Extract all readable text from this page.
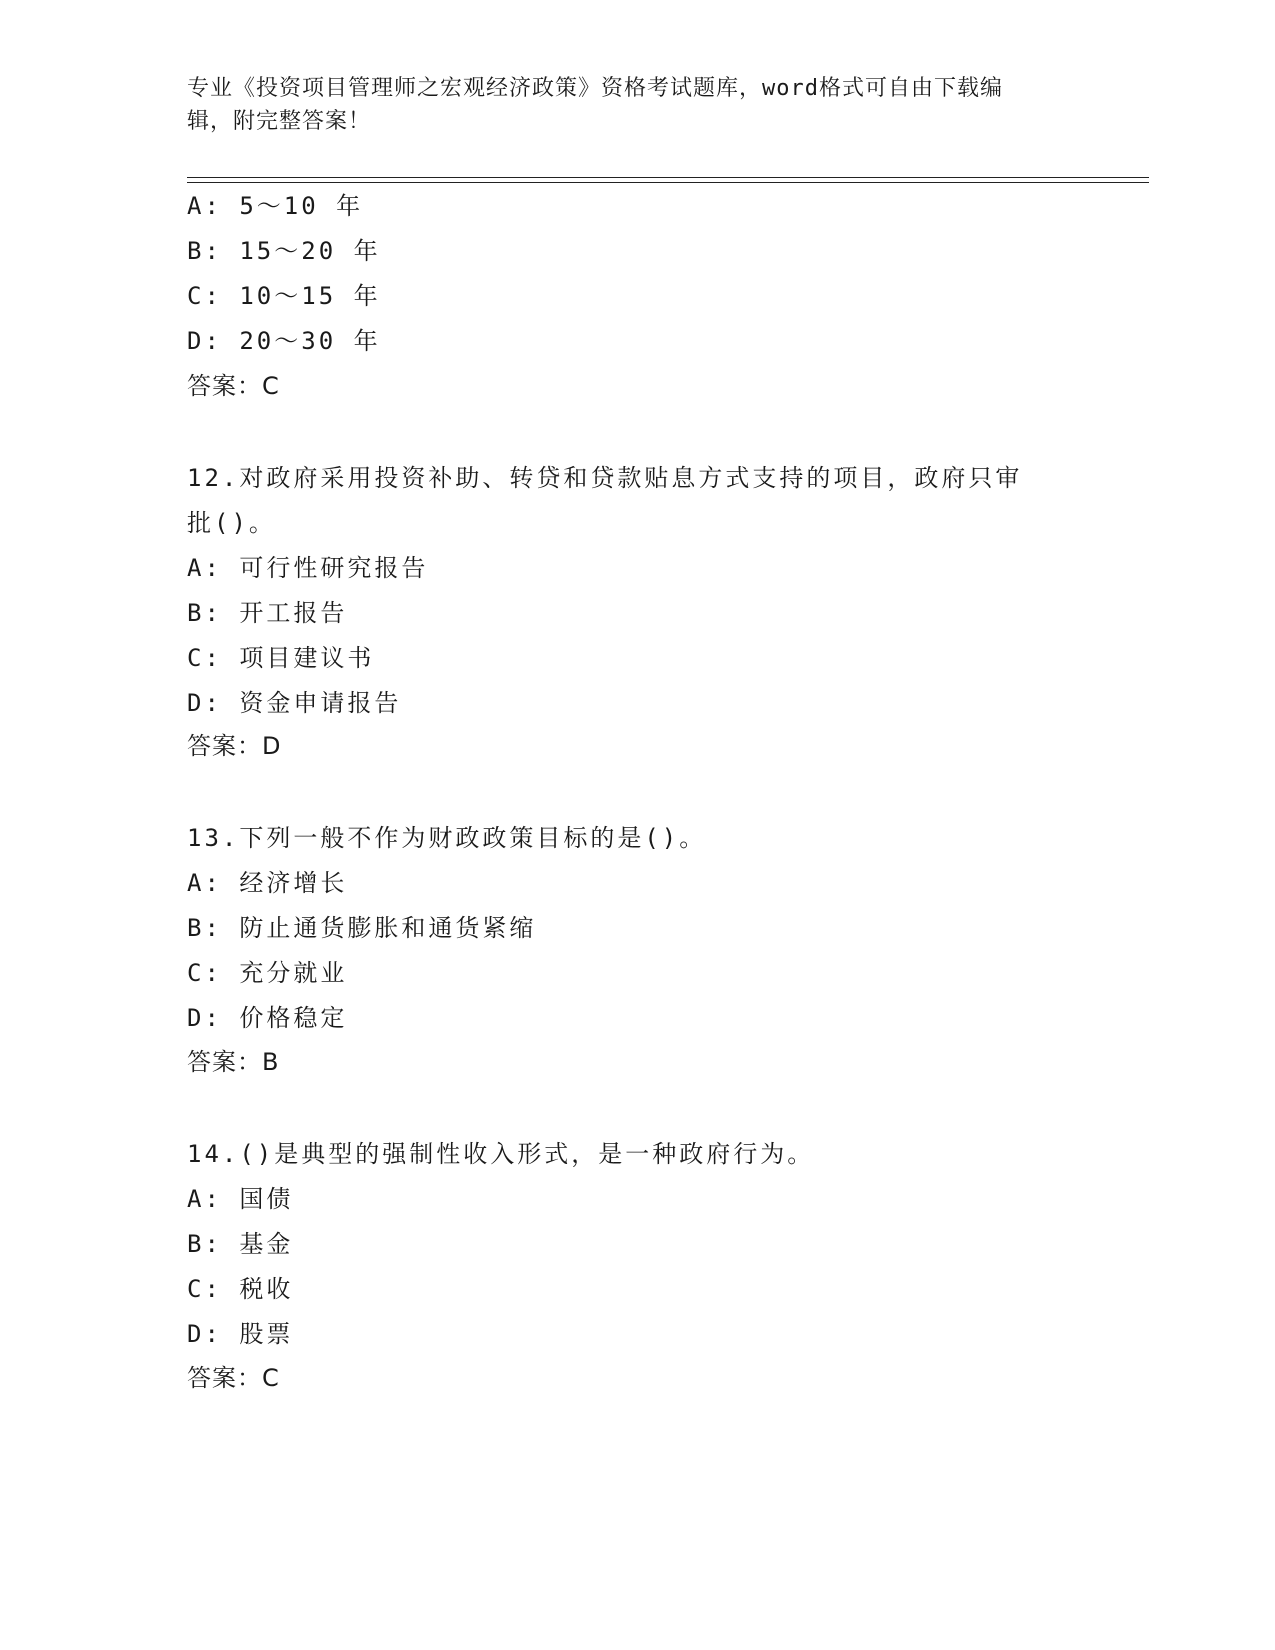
专业《投资项目管理师之宏观经济政策》资格考试题库，word格式可自由下载编
辑，附完整答案！
A: 5～10 年
B: 15～20 年
C: 10～15 年
D: 20～30 年
答案：C
12.对政府采用投资补助、转贷和贷款贴息方式支持的项目，政府只审
批()。
A: 可行性研究报告
B: 开工报告
C: 项目建议书
D: 资金申请报告
答案：D
13.下列一般不作为财政政策目标的是()。
A: 经济增长
B: 防止通货膨胀和通货紧缩
C: 充分就业
D: 价格稳定
答案：B
14.()是典型的强制性收入形式，是一种政府行为。
A: 国债
B: 基金
C: 税收
D: 股票
答案：C
